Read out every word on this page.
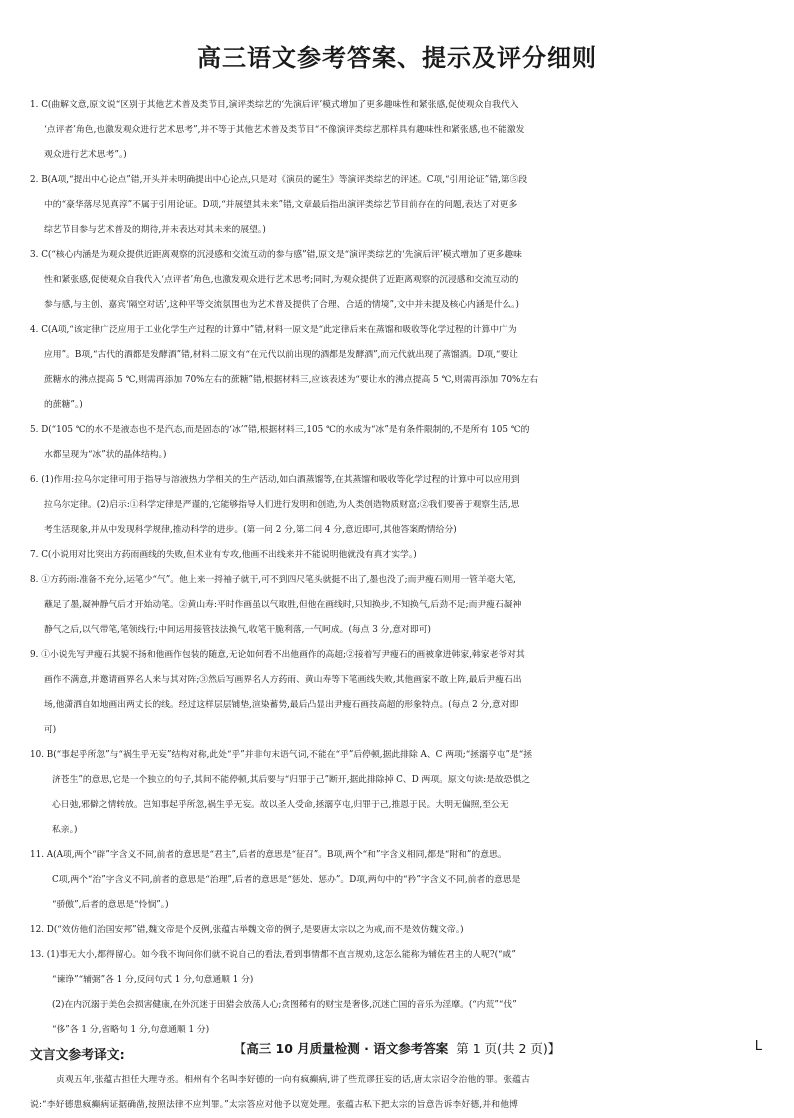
高三语文参考答案、提示及评分细则
1. C(曲解文意,原文说“区别于其他艺术普及类节目,演评类综艺的‘先演后评’模式增加了更多趣味性和紧张感,促使观众自我代入
‘点评者’角色,也激发观众进行艺术思考”,并不等于其他艺术普及类节目“不像演评类综艺那样具有趣味性和紧张感,也不能激发
观众进行艺术思考”。)
2. B(A项,“提出中心论点”错,开头并未明确提出中心论点,只是对《演员的诞生》等演评类综艺的评述。C项,“引用论证”错,第⑤段
中的“豪华落尽见真淳”不属于引用论证。D项,“并展望其未来”错,文章最后指出演评类综艺节目前存在的问题,表达了对更多
综艺节目参与艺术普及的期待,并未表达对其未来的展望。)
3. C(“核心内涵是为观众提供近距离观察的沉浸感和交流互动的参与感”错,原文是“演评类综艺的‘先演后评’模式增加了更多趣味
性和紧张感,促使观众自我代入‘点评者’角色,也激发观众进行艺术思考;同时,为观众提供了近距离观察的沉浸感和交流互动的
参与感,与主创、嘉宾‘隔空对话’,这种平等交流氛围也为艺术普及提供了合理、合适的情境”,文中并未提及核心内涵是什么。)
4. C(A项,“该定律广泛应用于工业化学生产过程的计算中”错,材料一原文是“此定律后来在蒸馏和吸收等化学过程的计算中广为
应用”。B项,“古代的酒都是发酵酒”错,材料二原文有“在元代以前出现的酒都是发酵酒”,而元代就出现了蒸馏酒。D项,“要让
蔗糖水的沸点提高 5 ℃,则需再添加 70%左右的蔗糖”错,根据材料三,应该表述为“要让水的沸点提高 5 ℃,则需再添加 70%左右
的蔗糖”。)
5. D(“105 ℃的水不是液态也不是汽态,而是固态的‘冰’”错,根据材料三,105 ℃的水成为“冰”是有条件限制的,不是所有 105 ℃的
水都呈现为“冰”状的晶体结构。)
6. (1)作用:拉乌尔定律可用于指导与溶液热力学相关的生产活动,如白酒蒸馏等,在其蒸馏和吸收等化学过程的计算中可以应用到
拉乌尔定律。(2)启示:①科学定律是严谨的,它能够指导人们进行发明和创造,为人类创造物质财富;②我们要善于观察生活,思
考生活现象,并从中发现科学规律,推动科学的进步。(第一问 2 分,第二问 4 分,意近即可,其他答案酌情给分)
7. C(小说用对比突出方药雨画线的失败,但术业有专攻,他画不出线来并不能说明他就没有真才实学。)
8. ①方药雨:准备不充分,运笔少“气”。他上来一捋袖子就干,可不到四尺笔头就挺不出了,墨也没了;而尹瘦石则用一管羊毫大笔,
蘸足了墨,凝神静气后才开始动笔。②黄山寿:平时作画虽以气取胜,但他在画线时,只知换步,不知换气,后劲不足;而尹瘦石凝神
静气之后,以气带笔,笔领线行;中间运用接管技法换气,收笔干脆利落,一气呵成。(每点 3 分,意对即可)
9. ①小说先写尹瘦石其貌不扬和他画作包装的随意,无论如何看不出他画作的高超;②接着写尹瘦石的画被拿进韩家,韩家老爷对其
画作不满意,并邀请画界名人来与其对阵;③然后写画界名人方药雨、黄山寿等下笔画线失败,其他画家不敢上阵,最后尹瘦石出
场,他潇洒自如地画出两丈长的线。经过这样层层铺垫,渲染蓄势,最后凸显出尹瘦石画技高超的形象特点。(每点 2 分,意对即
可)
10. B(“事起乎所忽”与“祸生乎无妄”结构对称,此处“乎”并非句末语气词,不能在“乎”后停顿,据此排除 A、C 两项;“拯溺亨屯”是“拯
济苍生”的意思,它是一个独立的句子,其间不能停顿,其后要与“归罪于己”断开,据此排除掉 C、D 两项。原文句读:是故恐惧之
心日弛,邪僻之情转放。岂知事起乎所忽,祸生乎无妄。故以圣人受命,拯溺亨屯,归罪于己,推恩于民。大明无偏照,至公无
私亲。)
11. A(A项,两个“辟”字含义不同,前者的意思是“君主”,后者的意思是“征召”。B项,两个“和”字含义相同,都是“附和”的意思。
C项,两个“治”字含义不同,前者的意思是“治理”,后者的意思是“惩处、惩办”。D项,两句中的“矜”字含义不同,前者的意思是
“骄傲”,后者的意思是“怜悯”。)
12. D(“效仿他们治国安邦”错,魏文帝是个反例,张蕴古举魏文帝的例子,是要唐太宗以之为戒,而不是效仿魏文帝。)
13. (1)事无大小,都得留心。如今我不询问你们就不说自己的看法,看到事情都不直言规劝,这怎么能称为辅佐君主的人呢?(“咸”
“谏诤”“辅弼”各 1 分,反问句式 1 分,句意通顺 1 分)
(2)在内沉溺于美色会损害健康,在外沉迷于田猎会放荡人心;贪图稀有的财宝是奢侈,沉迷亡国的音乐为淫靡。(“内荒”“伐”
“侈”各 1 分,省略句 1 分,句意通顺 1 分)
文言文参考译文:
贞观五年,张蕴古担任大理寺丞。相州有个名叫李好德的一向有疯癫病,讲了些荒谬狂妄的话,唐太宗诏令治他的罪。张蕴古
说:“李好德患疯癫病证据确凿,按照法律不应判罪。”太宗答应对他予以宽处理。张蕴古私下把太宗的旨意告诉李好德,并和他博
【高三 10 月质量检测 · 语文参考答案 第 1 页(共 2 页)】	L
